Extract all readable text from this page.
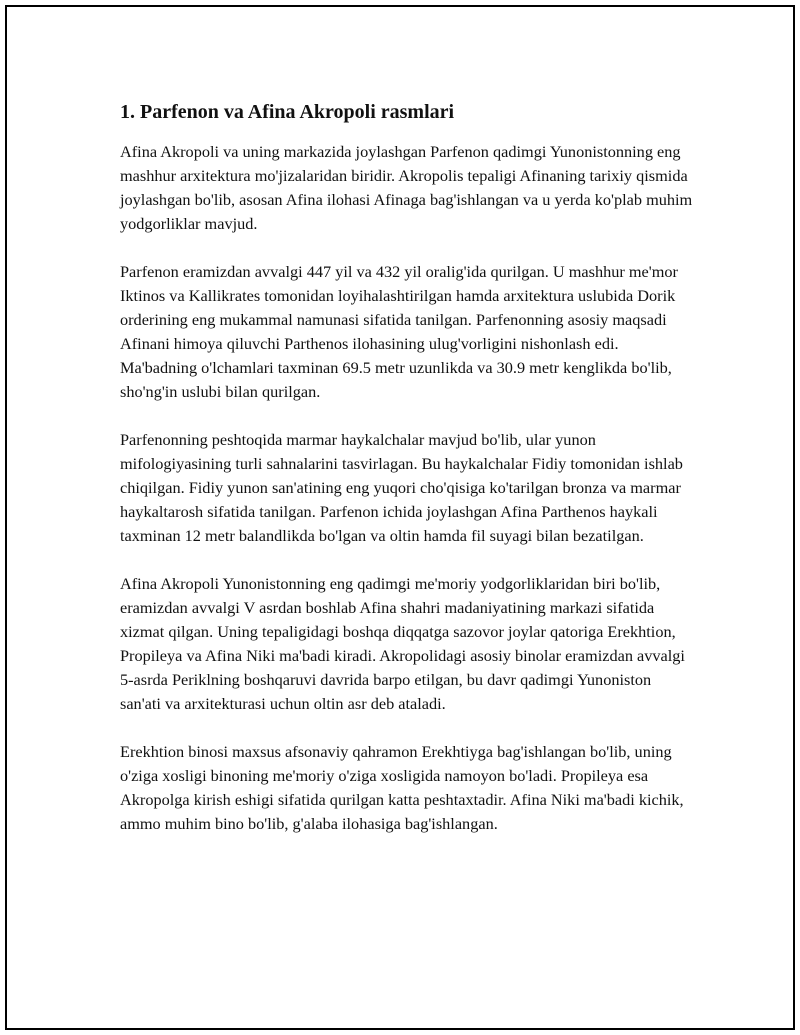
1. Parfenon va Afina Akropoli rasmlari

Afina Akropoli va uning markazida joylashgan Parfenon qadimgi Yunonistonning eng mashhur arxitektura mo'jizalaridan biridir. Akropolis tepaligi Afinaning tarixiy qismida joylashgan bo'lib, asosan Afina ilohasi Afinaga bag'ishlangan va u yerda ko'plab muhim yodgorliklar mavjud.

Parfenon eramizdan avvalgi 447 yil va 432 yil oralig'ida qurilgan. U mashhur me'mor Iktinos va Kallikrates tomonidan loyihalashtirilgan hamda arxitektura uslubida Dorik orderining eng mukammal namunasi sifatida tanilgan. Parfenonning asosiy maqsadi Afinani himoya qiluvchi Parthenos ilohasining ulug'vorligini nishonlash edi. Ma'badning o'lchamlari taxminan 69.5 metr uzunlikda va 30.9 metr kenglikda bo'lib, sho'ng'in uslubi bilan qurilgan.

Parfenonning peshtoqida marmar haykalchalar mavjud bo'lib, ular yunon mifologiyasining turli sahnalarini tasvirlagan. Bu haykalchalar Fidiy tomonidan ishlab chiqilgan. Fidiy yunon san'atining eng yuqori cho'qisiga ko'tarilgan bronza va marmar haykaltarosh sifatida tanilgan. Parfenon ichida joylashgan Afina Parthenos haykali taxminan 12 metr balandlikda bo'lgan va oltin hamda fil suyagi bilan bezatilgan.

Afina Akropoli Yunonistonning eng qadimgi me'moriy yodgorliklaridan biri bo'lib, eramizdan avvalgi V asrdan boshlab Afina shahri madaniyatining markazi sifatida xizmat qilgan. Uning tepaligidagi boshqa diqqatga sazovor joylar qatoriga Erekhtion, Propileya va Afina Niki ma'badi kiradi. Akropolidagi asosiy binolar eramizdan avvalgi 5-asrda Periklning boshqaruvi davrida barpo etilgan, bu davr qadimgi Yunoniston san'ati va arxitekturasi uchun oltin asr deb ataladi.

Erekhtion binosi maxsus afsonaviy qahramon Erekhtiyga bag'ishlangan bo'lib, uning o'ziga xosligi binoning me'moriy o'ziga xosligida namoyon bo'ladi. Propileya esa Akropolga kirish eshigi sifatida qurilgan katta peshtaxtadir. Afina Niki ma'badi kichik, ammo muhim bino bo'lib, g'alaba ilohasiga bag'ishlangan.
